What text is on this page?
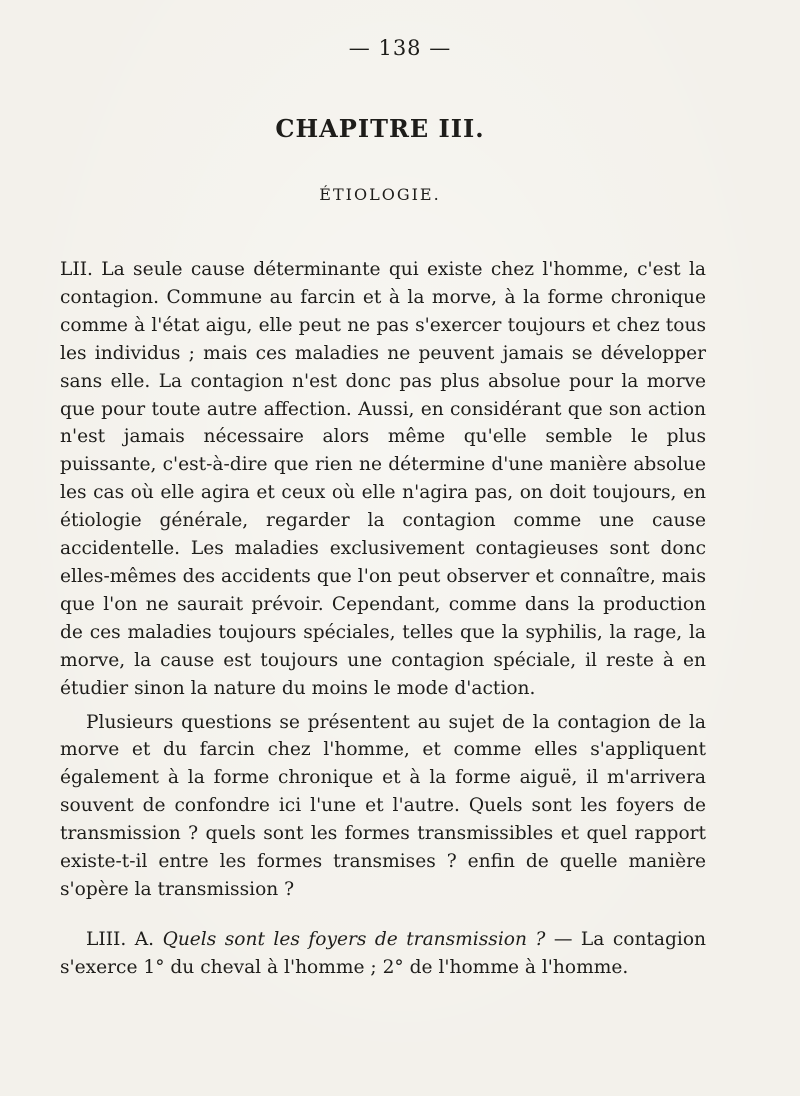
— 138 —
CHAPITRE III.
ÉTIOLOGIE.

LII. La seule cause déterminante qui existe chez l'homme, c'est la contagion. Commune au farcin et à la morve, à la forme chronique comme à l'état aigu, elle peut ne pas s'exercer toujours et chez tous les individus ; mais ces maladies ne peuvent jamais se développer sans elle. La contagion n'est donc pas plus absolue pour la morve que pour toute autre affection. Aussi, en considérant que son action n'est jamais nécessaire alors même qu'elle semble le plus puissante, c'est-à-dire que rien ne détermine d'une manière absolue les cas où elle agira et ceux où elle n'agira pas, on doit toujours, en étiologie générale, regarder la contagion comme une cause accidentelle. Les maladies exclusivement contagieuses sont donc elles-mêmes des accidents que l'on peut observer et connaître, mais que l'on ne saurait prévoir. Cependant, comme dans la production de ces maladies toujours spéciales, telles que la syphilis, la rage, la morve, la cause est toujours une contagion spéciale, il reste à en étudier sinon la nature du moins le mode d'action.

Plusieurs questions se présentent au sujet de la contagion de la morve et du farcin chez l'homme, et comme elles s'appliquent également à la forme chronique et à la forme aiguë, il m'arrivera souvent de confondre ici l'une et l'autre. Quels sont les foyers de transmission ? quels sont les formes transmissibles et quel rapport existe-t-il entre les formes transmises ? enfin de quelle manière s'opère la transmission ?

LIII. A. Quels sont les foyers de transmission ? — La contagion s'exerce 1° du cheval à l'homme ; 2° de l'homme à l'homme.
